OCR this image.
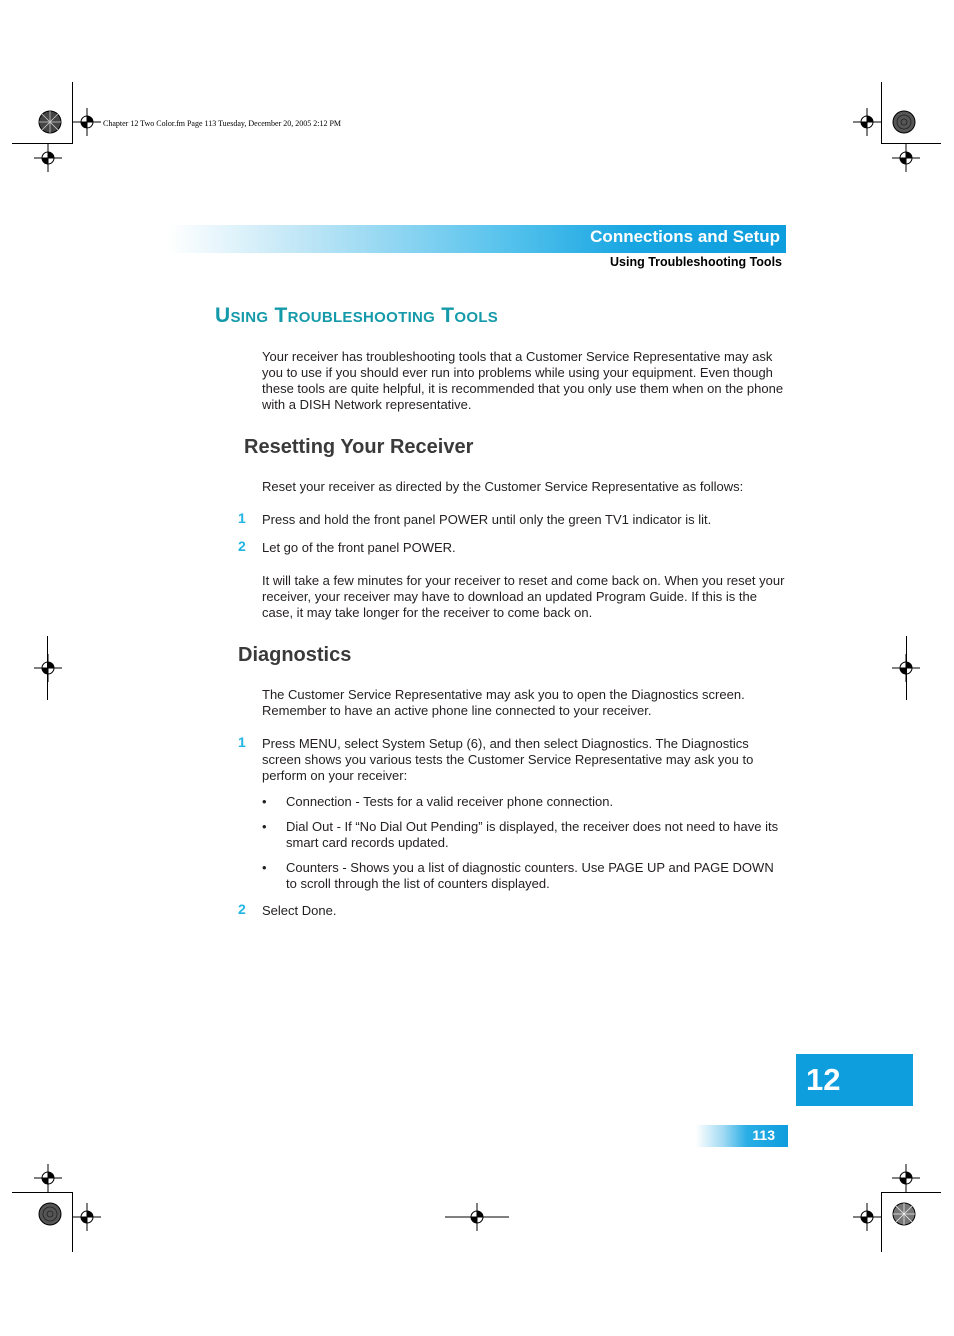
Chapter 12 Two Color.fm Page 113 Tuesday, December 20, 2005 2:12 PM
Connections and Setup
Using Troubleshooting Tools
Using Troubleshooting Tools
Your receiver has troubleshooting tools that a Customer Service Representative may ask you to use if you should ever run into problems while using your equipment. Even though these tools are quite helpful, it is recommended that you only use them when on the phone with a DISH Network representative.
Resetting Your Receiver
Reset your receiver as directed by the Customer Service Representative as follows:
1 Press and hold the front panel POWER until only the green TV1 indicator is lit.
2 Let go of the front panel POWER.
It will take a few minutes for your receiver to reset and come back on. When you reset your receiver, your receiver may have to download an updated Program Guide. If this is the case, it may take longer for the receiver to come back on.
Diagnostics
The Customer Service Representative may ask you to open the Diagnostics screen. Remember to have an active phone line connected to your receiver.
1 Press MENU, select System Setup (6), and then select Diagnostics. The Diagnostics screen shows you various tests the Customer Service Representative may ask you to perform on your receiver:
• Connection - Tests for a valid receiver phone connection.
• Dial Out - If “No Dial Out Pending” is displayed, the receiver does not need to have its smart card records updated.
• Counters - Shows you a list of diagnostic counters. Use PAGE UP and PAGE DOWN to scroll through the list of counters displayed.
2 Select Done.
12
113
